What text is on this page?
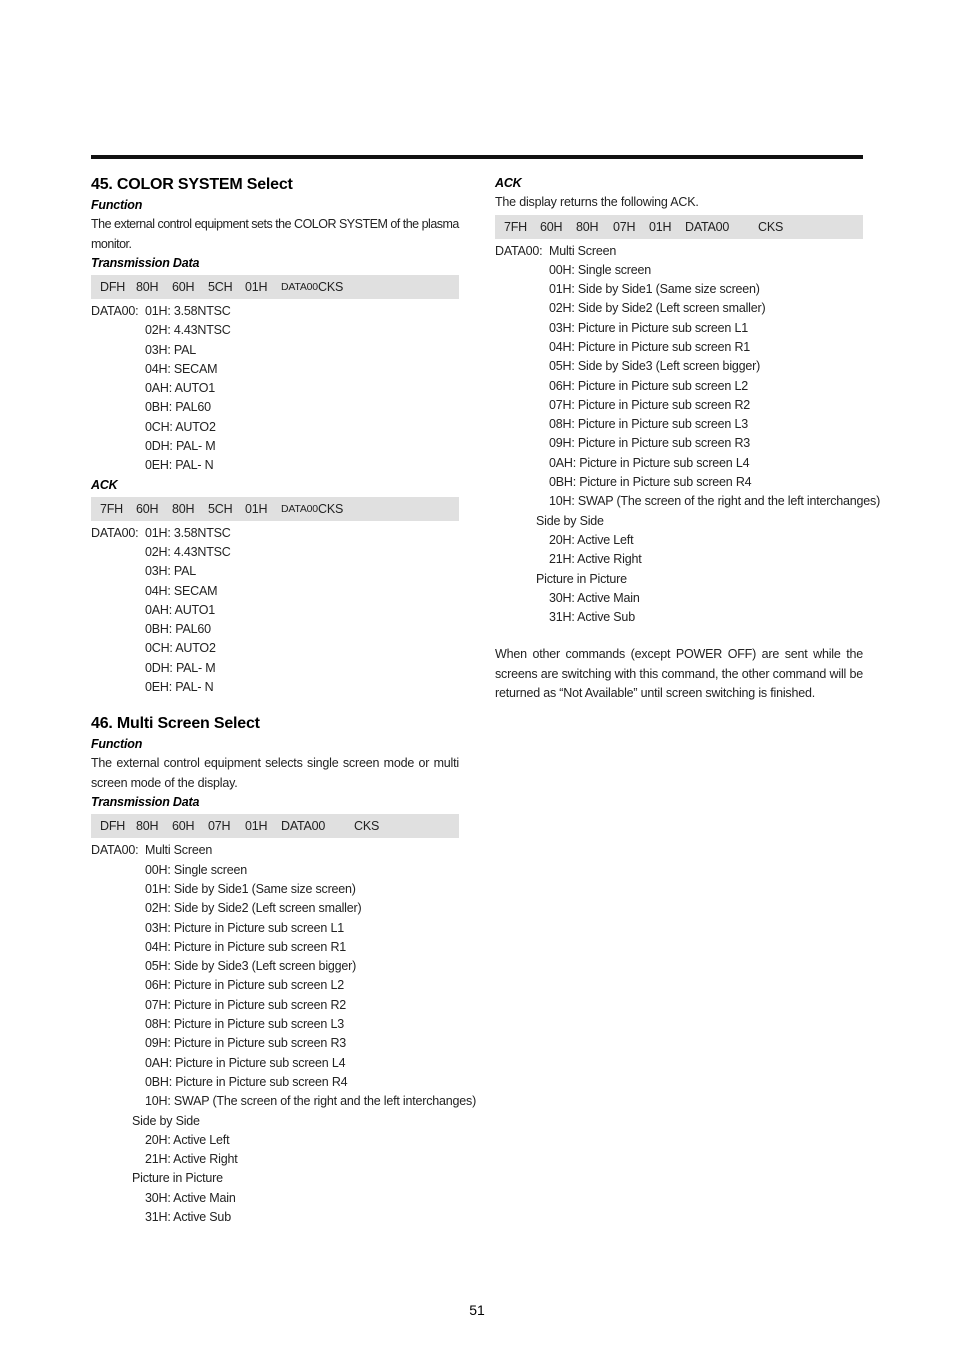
45. COLOR SYSTEM Select
Function
The external control equipment sets the COLOR SYSTEM of the plasma monitor.
Transmission Data
DFH 80H 60H 5CH 01H DATA00 CKS
DATA00: 01H: 3.58NTSC
02H: 4.43NTSC
03H: PAL
04H: SECAM
0AH: AUTO1
0BH: PAL60
0CH: AUTO2
0DH: PAL- M
0EH: PAL- N
ACK
7FH 60H 80H 5CH 01H DATA00 CKS
DATA00: 01H: 3.58NTSC
02H: 4.43NTSC
03H: PAL
04H: SECAM
0AH: AUTO1
0BH: PAL60
0CH: AUTO2
0DH: PAL- M
0EH: PAL- N
46. Multi Screen Select
Function
The external control equipment selects single screen mode or multi screen mode of the display.
Transmission Data
DFH 80H 60H 07H 01H DATA00 CKS
DATA00: Multi Screen
00H: Single screen
01H: Side by Side1 (Same size screen)
02H: Side by Side2 (Left screen smaller)
03H: Picture in Picture sub screen L1
04H: Picture in Picture sub screen R1
05H: Side by Side3 (Left screen bigger)
06H: Picture in Picture sub screen L2
07H: Picture in Picture sub screen R2
08H: Picture in Picture sub screen L3
09H: Picture in Picture sub screen R3
0AH: Picture in Picture sub screen L4
0BH: Picture in Picture sub screen R4
10H: SWAP (The screen of the right and the left interchanges)
Side by Side
20H: Active Left
21H: Active Right
Picture in Picture
30H: Active Main
31H: Active Sub
ACK
The display returns the following ACK.
7FH 60H 80H 07H 01H DATA00 CKS
DATA00: Multi Screen
00H: Single screen
01H: Side by Side1 (Same size screen)
02H: Side by Side2 (Left screen smaller)
03H: Picture in Picture sub screen L1
04H: Picture in Picture sub screen R1
05H: Side by Side3 (Left screen bigger)
06H: Picture in Picture sub screen L2
07H: Picture in Picture sub screen R2
08H: Picture in Picture sub screen L3
09H: Picture in Picture sub screen R3
0AH: Picture in Picture sub screen L4
0BH: Picture in Picture sub screen R4
10H: SWAP (The screen of the right and the left interchanges)
Side by Side
20H: Active Left
21H: Active Right
Picture in Picture
30H: Active Main
31H: Active Sub
When other commands (except POWER OFF) are sent while the screens are switching with this command, the other command will be returned as “Not Available” until screen switching is finished.
51
